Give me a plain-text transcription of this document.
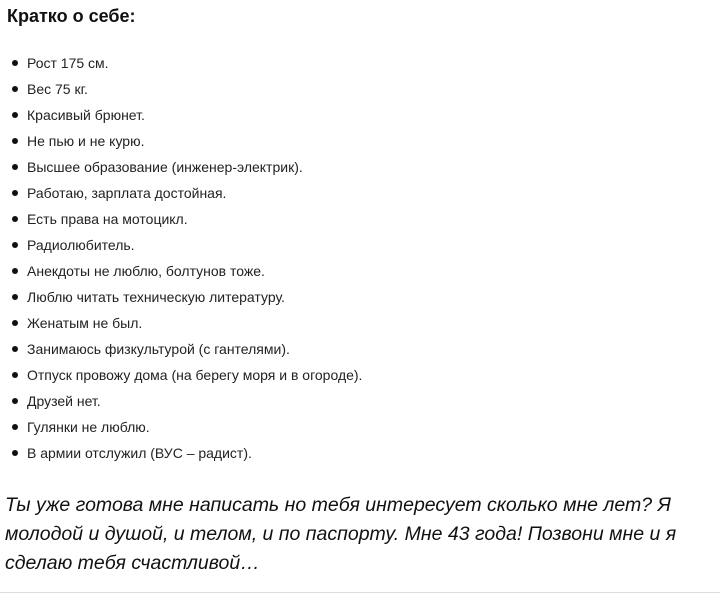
Кратко о себе:
Рост 175 см.
Вес 75 кг.
Красивый брюнет.
Не пью и не курю.
Высшее образование (инженер-электрик).
Работаю, зарплата достойная.
Есть права на мотоцикл.
Радиолюбитель.
Анекдоты не люблю, болтунов тоже.
Люблю читать техническую литературу.
Женатым не был.
Занимаюсь физкультурой (с гантелями).
Отпуск провожу дома (на берегу моря и в огороде).
Друзей нет.
Гулянки не люблю.
В армии отслужил (ВУС – радист).

Ты уже готова мне написать но тебя интересует сколько мне лет? Я молодой и душой, и телом, и по паспорту. Мне 43 года! Позвони мне и я сделаю тебя счастливой…
